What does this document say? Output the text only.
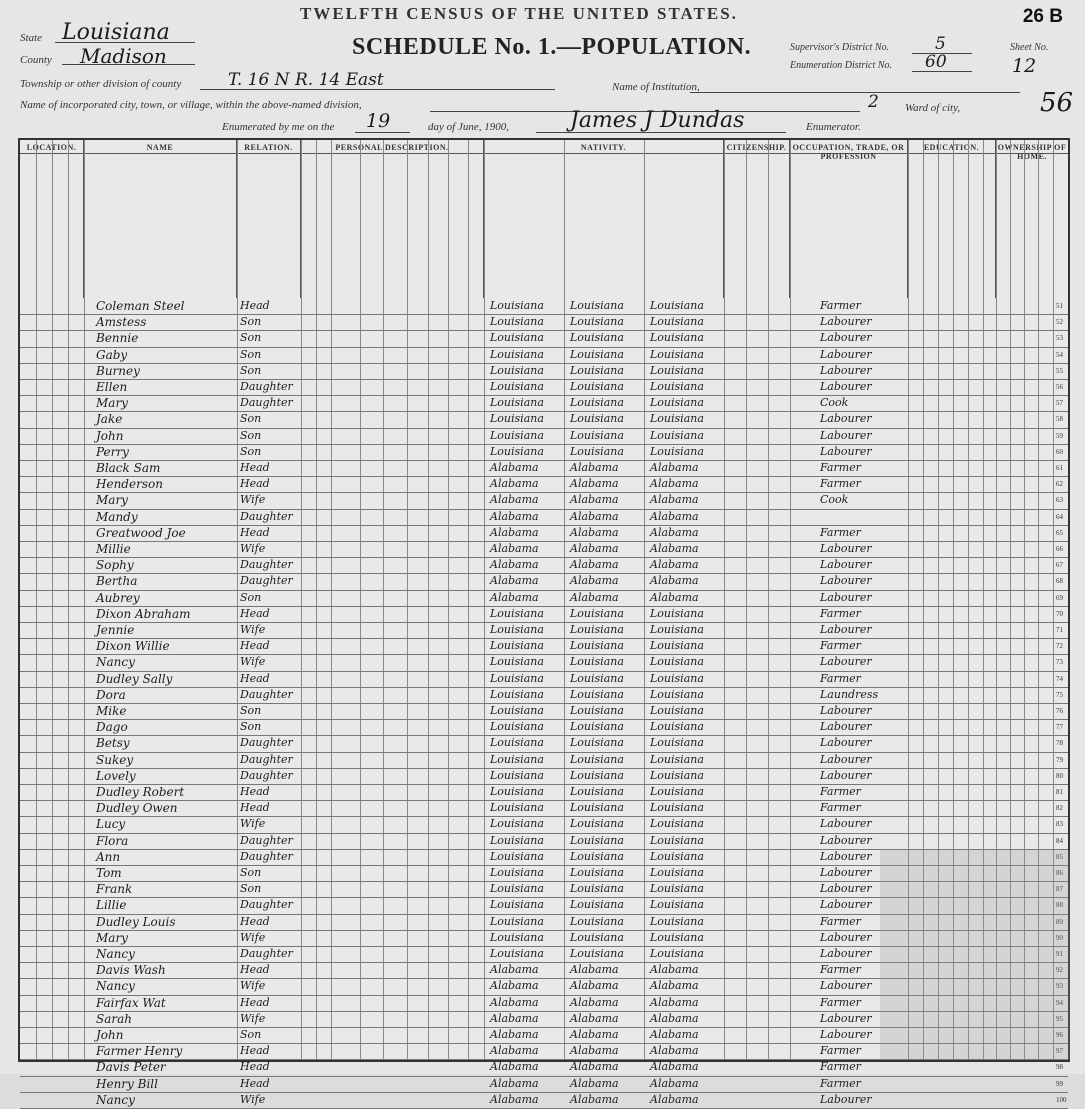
TWELFTH CENSUS OF THE UNITED STATES.	26 B
SCHEDULE No. 1.—POPULATION.
State Louisiana
County Madison
Township or other division of county	T. 16 N R. 14 East	Name of Institution,
Name of incorporated city, town, or village, within the above-named division,	2 Ward of city,	56
Enumerated by me on the 19	day of June, 1900,	James J Dundas	Enumerator.
Supervisor's District No.	5
Enumeration District No. 60
Sheet No.
12
LOCATION.	NAME	RELATION.	PERSONAL DESCRIPTION.	NATIVITY.	CITIZENSHIP. OCCUPATION, TRADE, OR PROFESSION
EDUCATION.	OWNERSHIP OF HOME.
Coleman Steel	Head	Louisiana Louisiana Louisiana	Farmer	51
Amstess	Son	Louisiana Louisiana Louisiana	Labourer	52
Bennie	Son	Louisiana Louisiana Louisiana	Labourer	53
Gaby	Son	Louisiana Louisiana Louisiana	Labourer	54
Burney	Son	Louisiana Louisiana Louisiana	Labourer	55
Ellen	Daughter	Louisiana Louisiana Louisiana	Labourer	56
Mary	Daughter	Louisiana Louisiana Louisiana	Cook	57
Jake	Son	Louisiana Louisiana Louisiana	Labourer	58
John	Son	Louisiana Louisiana Louisiana	Labourer	59
Perry	Son	Louisiana Louisiana Louisiana	Labourer	60
Black Sam	Head	Alabama	Alabama	Alabama	Farmer	61
Henderson	Head	Alabama	Alabama	Alabama	Farmer	62
Mary	Wife	Alabama	Alabama	Alabama	Cook	63
Mandy	Daughter	Alabama	Alabama	Alabama	64
Greatwood Joe	Head	Alabama	Alabama	Alabama	Farmer	65
Millie	Wife	Alabama	Alabama	Alabama	Labourer	66
Sophy	Daughter	Alabama	Alabama	Alabama	Labourer	67
Bertha	Daughter	Alabama	Alabama	Alabama	Labourer	68
Aubrey	Son	Alabama	Alabama	Alabama	Labourer	69
Dixon Abraham	Head	Louisiana Louisiana Louisiana	Farmer	70
Jennie	Wife	Louisiana Louisiana Louisiana	Labourer	71
Dixon Willie	Head	Louisiana Louisiana Louisiana	Farmer	72
Nancy	Wife	Louisiana Louisiana Louisiana	Labourer	73
Dudley Sally	Head	Louisiana Louisiana Louisiana	Farmer	74
Dora	Daughter	Louisiana Louisiana Louisiana	Laundress	75
Mike	Son	Louisiana Louisiana Louisiana	Labourer	76
Dago	Son	Louisiana Louisiana Louisiana	Labourer	77
Betsy	Daughter	Louisiana Louisiana Louisiana	Labourer	78
Sukey	Daughter	Louisiana Louisiana Louisiana	Labourer	79
Lovely	Daughter	Louisiana Louisiana Louisiana	Labourer	80
Dudley Robert	Head	Louisiana Louisiana Louisiana	Farmer	81
Dudley Owen	Head	Louisiana Louisiana Louisiana	Farmer	82
Lucy	Wife	Louisiana Louisiana Louisiana	Labourer	83
Flora	Daughter	Louisiana Louisiana Louisiana	Labourer	84
Ann	Daughter	Louisiana Louisiana Louisiana	Labourer	85
Tom	Son	Louisiana Louisiana Louisiana	Labourer	86
Frank	Son	Louisiana Louisiana Louisiana	Labourer	87
Lillie	Daughter	Louisiana Louisiana Louisiana	Labourer	88
Dudley Louis	Head	Louisiana Louisiana Louisiana	Farmer	89
Mary	Wife	Louisiana Louisiana Louisiana	Labourer	90
Nancy	Daughter	Louisiana Louisiana Louisiana	Labourer	91
Davis Wash	Head	Alabama	Alabama	Alabama	Farmer	92
Nancy	Wife	Alabama	Alabama	Alabama	Labourer	93
Fairfax Wat	Head	Alabama	Alabama	Alabama	Farmer	94
Sarah	Wife	Alabama	Alabama	Alabama	Labourer	95
John	Son	Alabama	Alabama	Alabama	Labourer	96
Farmer Henry	Head	Alabama	Alabama	Alabama	Farmer	97
Davis Peter	Head	Alabama	Alabama	Alabama	Farmer	98
Henry Bill	Head	Alabama	Alabama	Alabama	Farmer	99
Nancy	Wife	Alabama	Alabama	Alabama	Labourer	100
